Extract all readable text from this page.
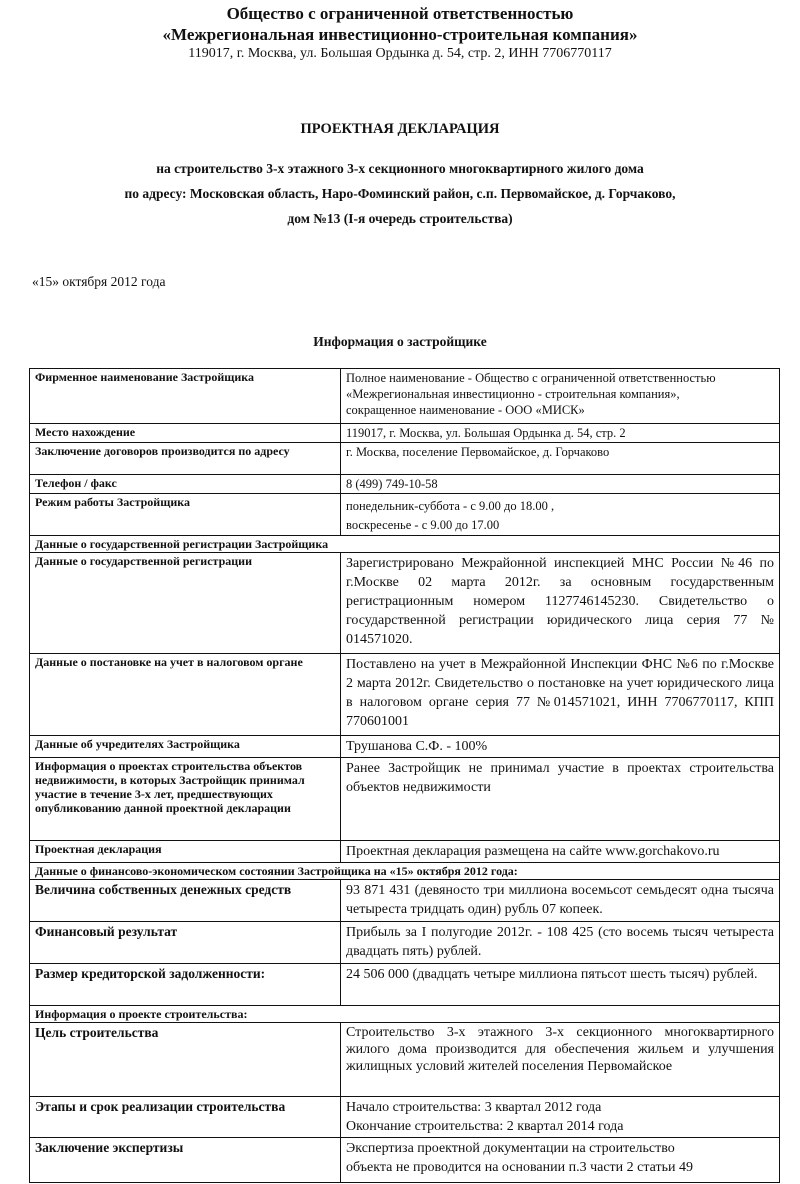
Общество с ограниченной ответственностью
«Межрегиональная инвестиционно-строительная компания»
119017, г. Москва, ул. Большая Ордынка д. 54, стр. 2, ИНН 7706770117
ПРОЕКТНАЯ ДЕКЛАРАЦИЯ
на строительство 3-х этажного 3-х секционного многоквартирного жилого дома
по адресу: Московская область, Наро-Фоминский район, с.п. Первомайское, д. Горчаково,
дом №13 (I-я очередь строительства)
«15» октября 2012 года
Информация о застройщике
Фирменное наименование Застройщика	Полное наименование - Общество с ограниченной ответственностью
«Межрегиональная инвестиционно - строительная компания»,
сокращенное наименование - ООО «МИСК»

Место нахождение	119017, г. Москва, ул. Большая Ордынка д. 54, стр. 2
Заключение договоров производится по адресу	г. Москва, поселение Первомайское, д. Горчаково
Телефон / факс	8 (499) 749-10-58
Режим работы Застройщика	понедельник-суббота - с 9.00 до 18.00 ,
воскресенье - с 9.00 до 17.00

Данные о государственной регистрации Застройщика	
Данные о государственной регистрации	Зарегистрировано Межрайонной инспекцией МНС России №46 по г.Москве 02 марта 2012г. за основным государственным регистрационным номером 1127746145230. Свидетельство о государственной регистрации юридического лица серия 77 № 014571020.
Данные о постановке на учет в налоговом органе	Поставлено на учет в Межрайонной Инспекции ФНС №6 по г.Москве 2 марта 2012г. Свидетельство о постановке на учет юридического лица в налоговом органе серия 77 №014571021, ИНН 7706770117, КПП 770601001
Данные об учредителях Застройщика	Трушанова С.Ф. - 100%
Информация о проектах строительства объектов недвижимости, в которых Застройщик принимал участие в течение 3-х лет, предшествующих опубликованию данной проектной декларации	Ранее Застройщик не принимал участие в проектах строительства объектов недвижимости
Проектная декларация	Проектная декларация размещена на сайте www.gorchakovo.ru
Данные о финансово-экономическом состоянии Застройщика на «15» октября 2012 года:	
Величина собственных денежных средств	93 871 431 (девяносто три миллиона восемьсот семьдесят одна тысяча четыреста тридцать один) рубль 07 копеек.
Финансовый результат	Прибыль за I полугодие 2012г. - 108 425 (сто восемь тысяч четыреста двадцать пять) рублей.
Размер кредиторской задолженности:	24 506 000 (двадцать четыре миллиона пятьсот шесть тысяч) рублей.
Информация о проекте строительства:	
Цель строительства	Строительство 3-х этажного 3-х секционного многоквартирного жилого дома производится для обеспечения жильем и улучшения жилищных условий жителей поселения Первомайское
Этапы и срок реализации строительства	Начало строительства: 3 квартал 2012 года
Окончание строительства: 2 квартал 2014 года

Заключение экспертизы	Экспертиза проектной документации на строительство
объекта не проводится на основании п.3 части 2 статьи 49
